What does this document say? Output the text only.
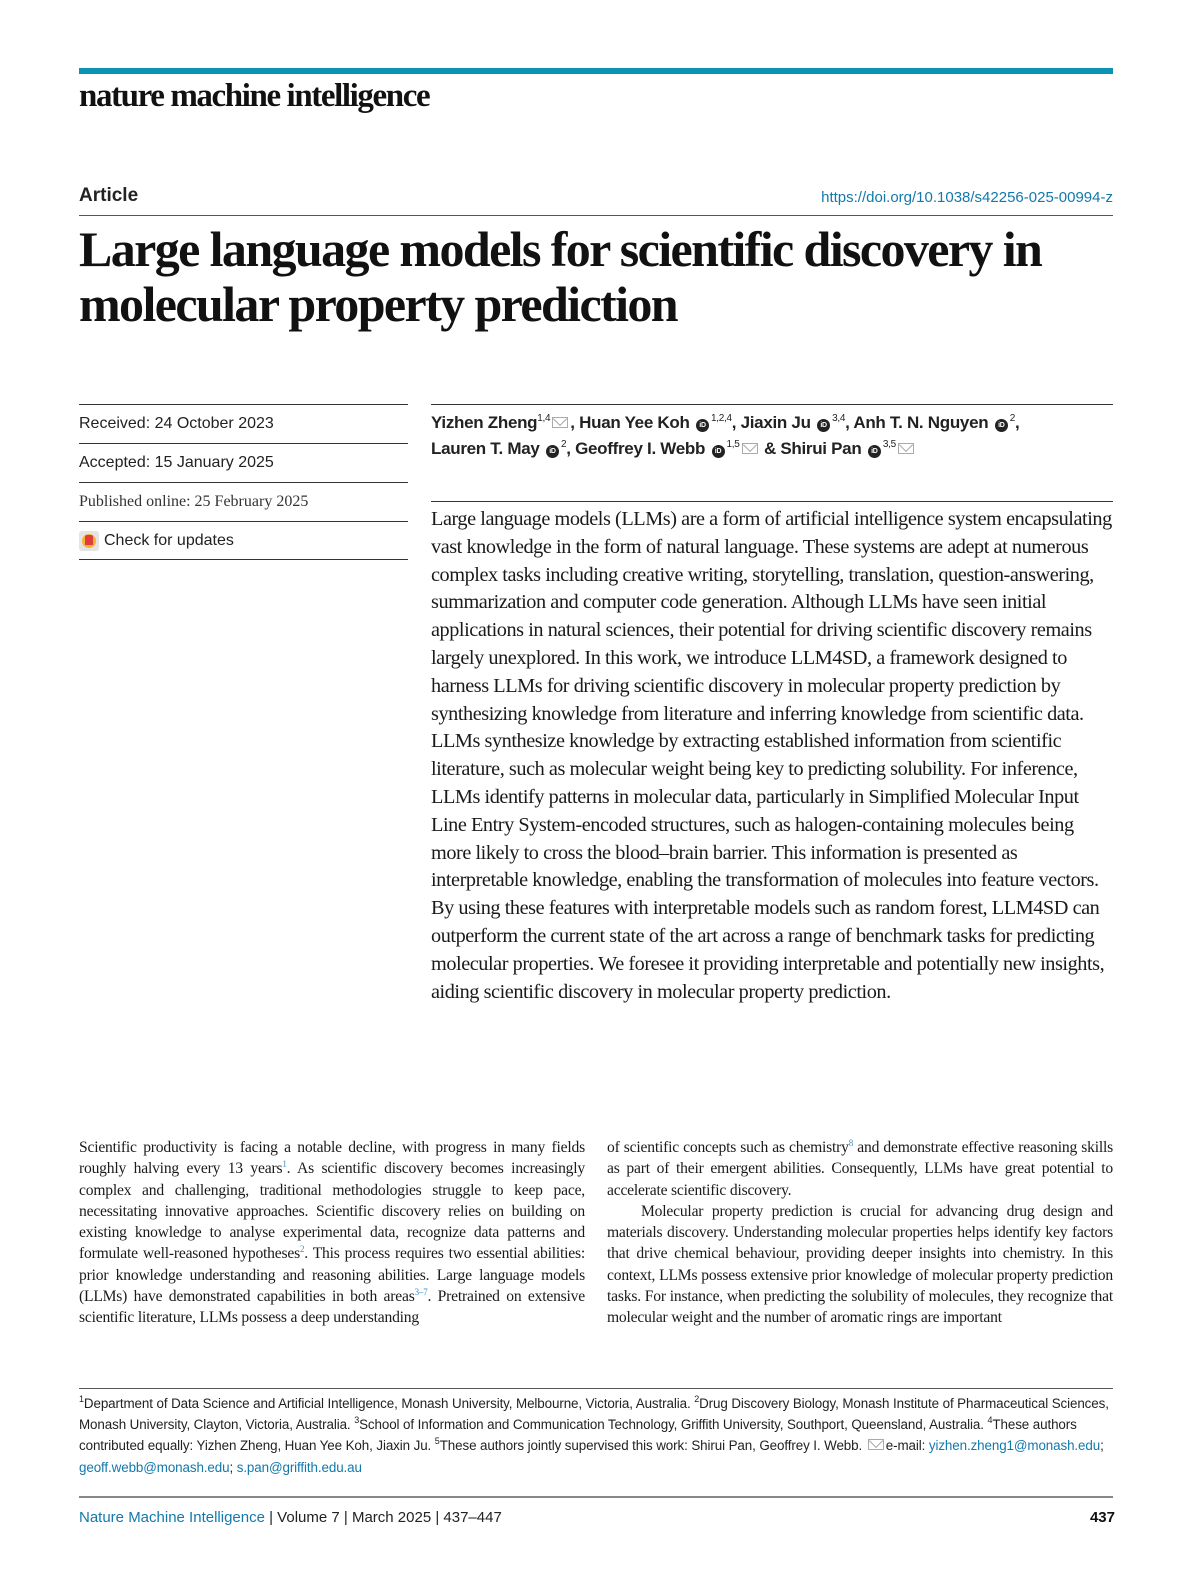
nature machine intelligence
Article	https://doi.org/10.1038/s42256-025-00994-z
Large language models for scientific discovery in molecular property prediction
Received: 24 October 2023
Accepted: 15 January 2025
Published online: 25 February 2025
Check for updates
Yizhen Zheng$^{1,4}$ , Huan Yee Koh iD$^{1,2,4}$, Jiaxin Ju iD$^{3,4}$, Anh T. N. Nguyen $iD^2$,
Lauren T. May $iD^2$, Geoffrey I. Webb iD$^{1,5}$ & Shirui Pan iD$^{3,5}$

Large language models (LLMs) are a form of artificial intelligence system encapsulating vast knowledge in the form of natural language. These systems are adept at numerous complex tasks including creative writing, storytelling, translation, question-answering, summarization and computer code generation. Although LLMs have seen initial applications in natural sciences, their potential for driving scientific discovery remains largely unexplored. In this work, we introduce LLM4SD, a framework designed to harness LLMs for driving scientific discovery in molecular property prediction by synthesizing knowledge from literature and inferring knowledge from scientific data. LLMs synthesize knowledge by extracting established information from scientific literature, such as molecular weight being key to predicting solubility. For inference, LLMs identify patterns in molecular data, particularly in Simplified Molecular Input Line Entry System-encoded structures, such as halogen-containing molecules being more likely to cross the blood–brain barrier. This information is presented as interpretable knowledge, enabling the transformation of molecules into feature vectors. By using these features with interpretable models such as random forest, LLM4SD can outperform the current state of the art across a range of benchmark tasks for predicting molecular properties. We foresee it providing interpretable and potentially new insights, aiding scientific discovery in molecular property prediction.

Scientific productivity is facing a notable decline, with progress in many fields roughly halving every 13 years$^1$. As scientific discovery becomes increasingly complex and challenging, traditional methodologies struggle to keep pace, necessitating innovative approaches. Scientific discovery relies on building on existing knowledge to analyse experimental data, recognize data patterns and formulate well-reasoned hypotheses$^2$. This process requires two essential abilities: prior knowledge understanding and reasoning abilities. Large language models (LLMs) have demonstrated capabilities in both areas$^{3-7}$. Pretrained on extensive scientific literature, LLMs possess a deep understanding

of scientific concepts such as chemistry$^8$ and demonstrate effective reasoning skills as part of their emergent abilities. Consequently, LLMs have great potential to accelerate scientific discovery.

Molecular property prediction is crucial for advancing drug design and materials discovery. Understanding molecular properties helps identify key factors that drive chemical behaviour, providing deeper insights into chemistry. In this context, LLMs possess extensive prior knowledge of molecular property prediction tasks. For instance, when predicting the solubility of molecules, they recognize that molecular weight and the number of aromatic rings are important

$^1$Department of Data Science and Artificial Intelligence, Monash University, Melbourne, Victoria, Australia. $^2$Drug Discovery Biology, Monash Institute of Pharmaceutical Sciences, Monash University, Clayton, Victoria, Australia. $^3$School of Information and Communication Technology, Griffith University, Southport, Queensland, Australia. $^4$These authors contributed equally: Yizhen Zheng, Huan Yee Koh, Jiaxin Ju. $^5$These authors jointly supervised this work: Shirui Pan, Geoffrey I. Webb. e-mail: yizhen.zheng1@monash.edu; geoff.webb@monash.edu; s.pan@griffith.edu.au
Nature Machine Intelligence | Volume 7 | March 2025 | 437–447	437
